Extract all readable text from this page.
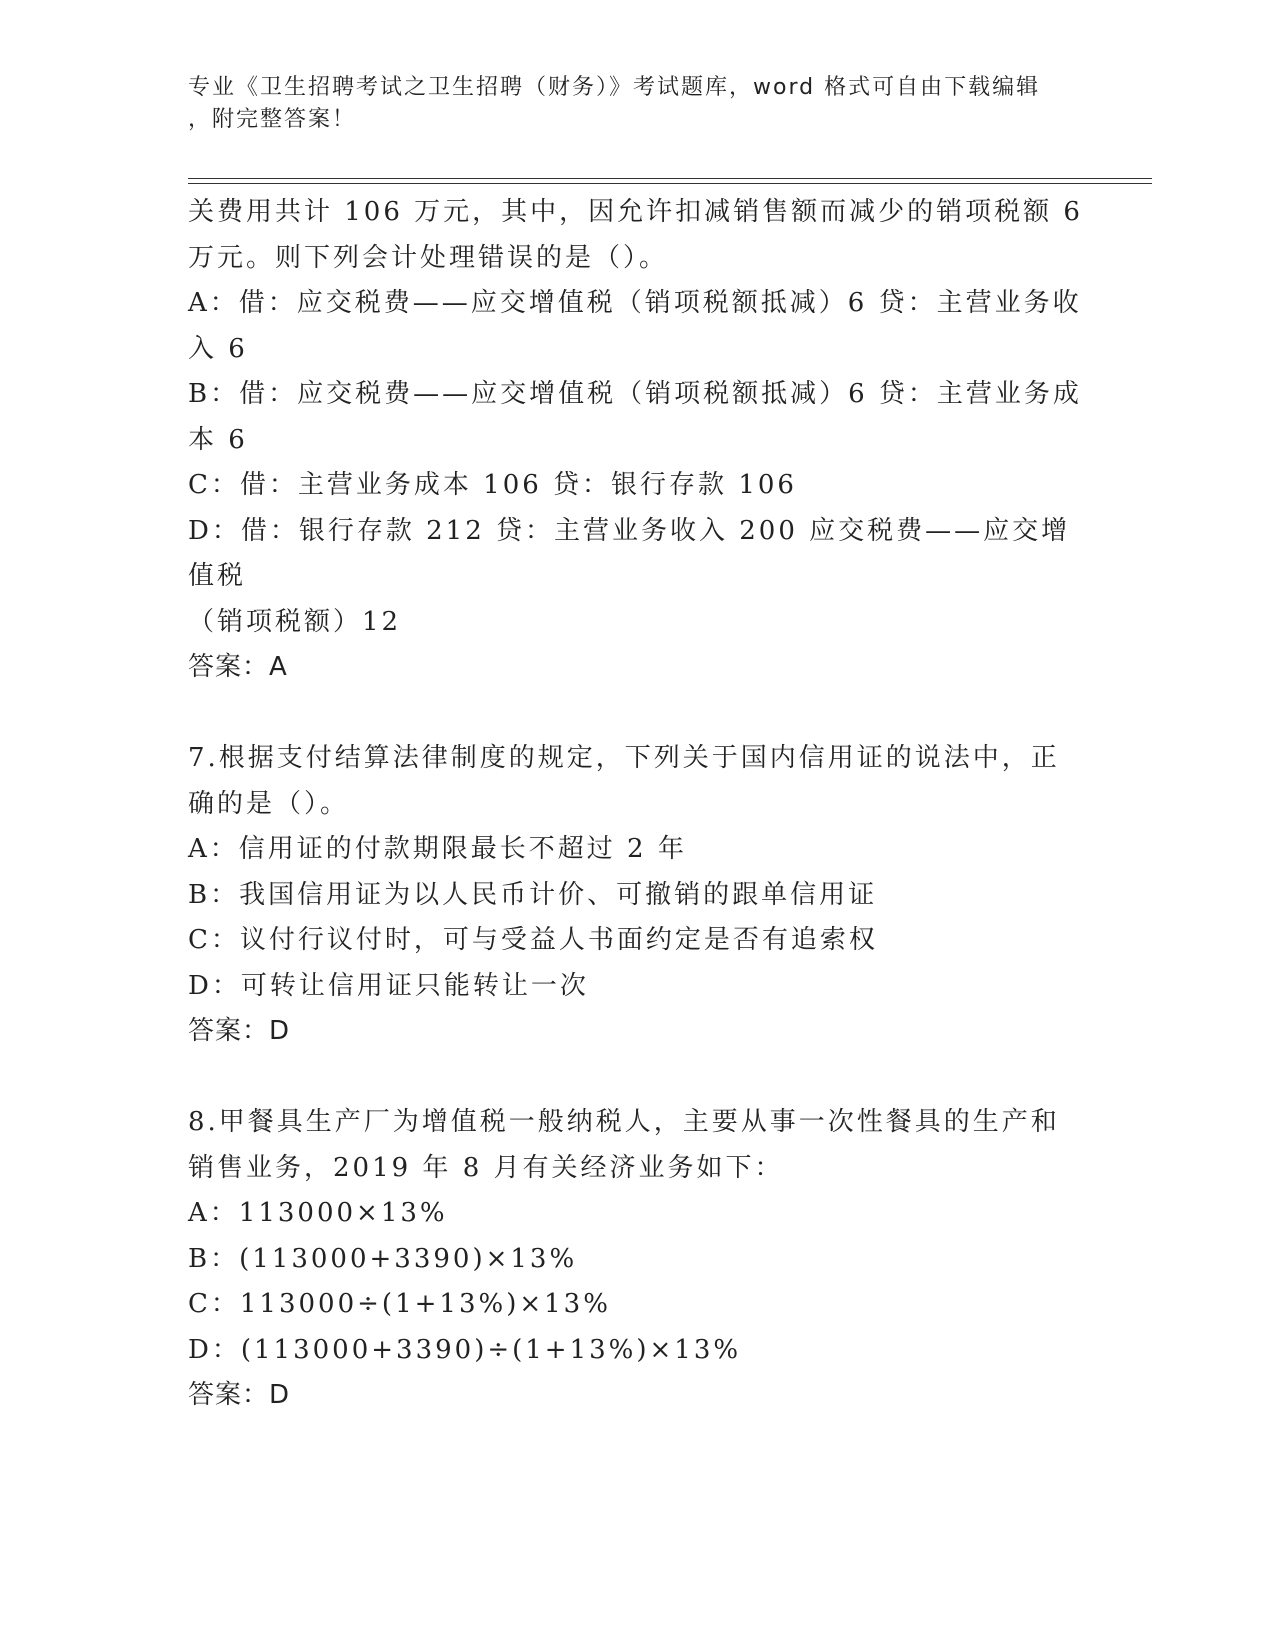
专业《卫生招聘考试之卫生招聘（财务）》考试题库，word 格式可自由下载编辑
，附完整答案！

关费用共计 106 万元，其中，因允许扣减销售额而减少的销项税额 6

万元。则下列会计处理错误的是（）。

A：借：应交税费——应交增值税（销项税额抵减）6 贷：主营业务收

入 6

B：借：应交税费——应交增值税（销项税额抵减）6 贷：主营业务成

本 6

C：借：主营业务成本 106 贷：银行存款 106

D：借：银行存款 212 贷：主营业务收入 200 应交税费——应交增值税

（销项税额）12

答案：A

7.根据支付结算法律制度的规定，下列关于国内信用证的说法中，正

确的是（）。

A：信用证的付款期限最长不超过 2 年

B：我国信用证为以人民币计价、可撤销的跟单信用证

C：议付行议付时，可与受益人书面约定是否有追索权

D：可转让信用证只能转让一次

答案：D

8.甲餐具生产厂为增值税一般纳税人，主要从事一次性餐具的生产和

销售业务，2019 年 8 月有关经济业务如下：

A：113000×13%

B：(113000+3390)×13%

C：113000÷(1+13%)×13%

D：(113000+3390)÷(1+13%)×13%

答案：D
